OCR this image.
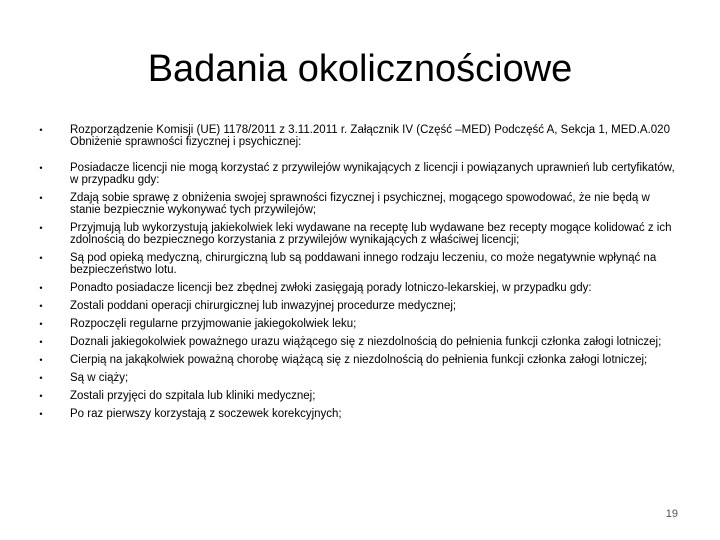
Badania okolicznościowe
• Rozporządzenie Komisji (UE) 1178/2011 z 3.11.2011 r. Załącznik IV (Część –MED) Podczęść A, Sekcja 1, MED.A.020 Obniżenie sprawności fizycznej i psychicznej:
• Posiadacze licencji nie mogą korzystać z przywilejów wynikających z licencji i powiązanych uprawnień lub certyfikatów, w przypadku gdy:
• Zdają sobie sprawę z obniżenia swojej sprawności fizycznej i psychicznej, mogącego spowodować, że nie będą w stanie bezpiecznie wykonywać tych przywilejów;
• Przyjmują lub wykorzystują jakiekolwiek leki wydawane na receptę lub wydawane bez recepty mogące kolidować z ich zdolnością do bezpiecznego korzystania z przywilejów wynikających z właściwej licencji;
• Są pod opieką medyczną, chirurgiczną lub są poddawani innego rodzaju leczeniu, co może negatywnie wpłynąć na bezpieczeństwo lotu.
• Ponadto posiadacze licencji bez zbędnej zwłoki zasięgają porady lotniczo-lekarskiej, w przypadku gdy:
• Zostali poddani operacji chirurgicznej lub inwazyjnej procedurze medycznej;
• Rozpoczęli regularne przyjmowanie jakiegokolwiek leku;
• Doznali jakiegokolwiek poważnego urazu wiążącego się z niezdolnością do pełnienia funkcji członka załogi lotniczej;
• Cierpią na jakąkolwiek poważną chorobę wiążącą się z niezdolnością do pełnienia funkcji członka załogi lotniczej;
• Są w ciąży;
• Zostali przyjęci do szpitala lub kliniki medycznej;
• Po raz pierwszy korzystają z soczewek korekcyjnych;
19
